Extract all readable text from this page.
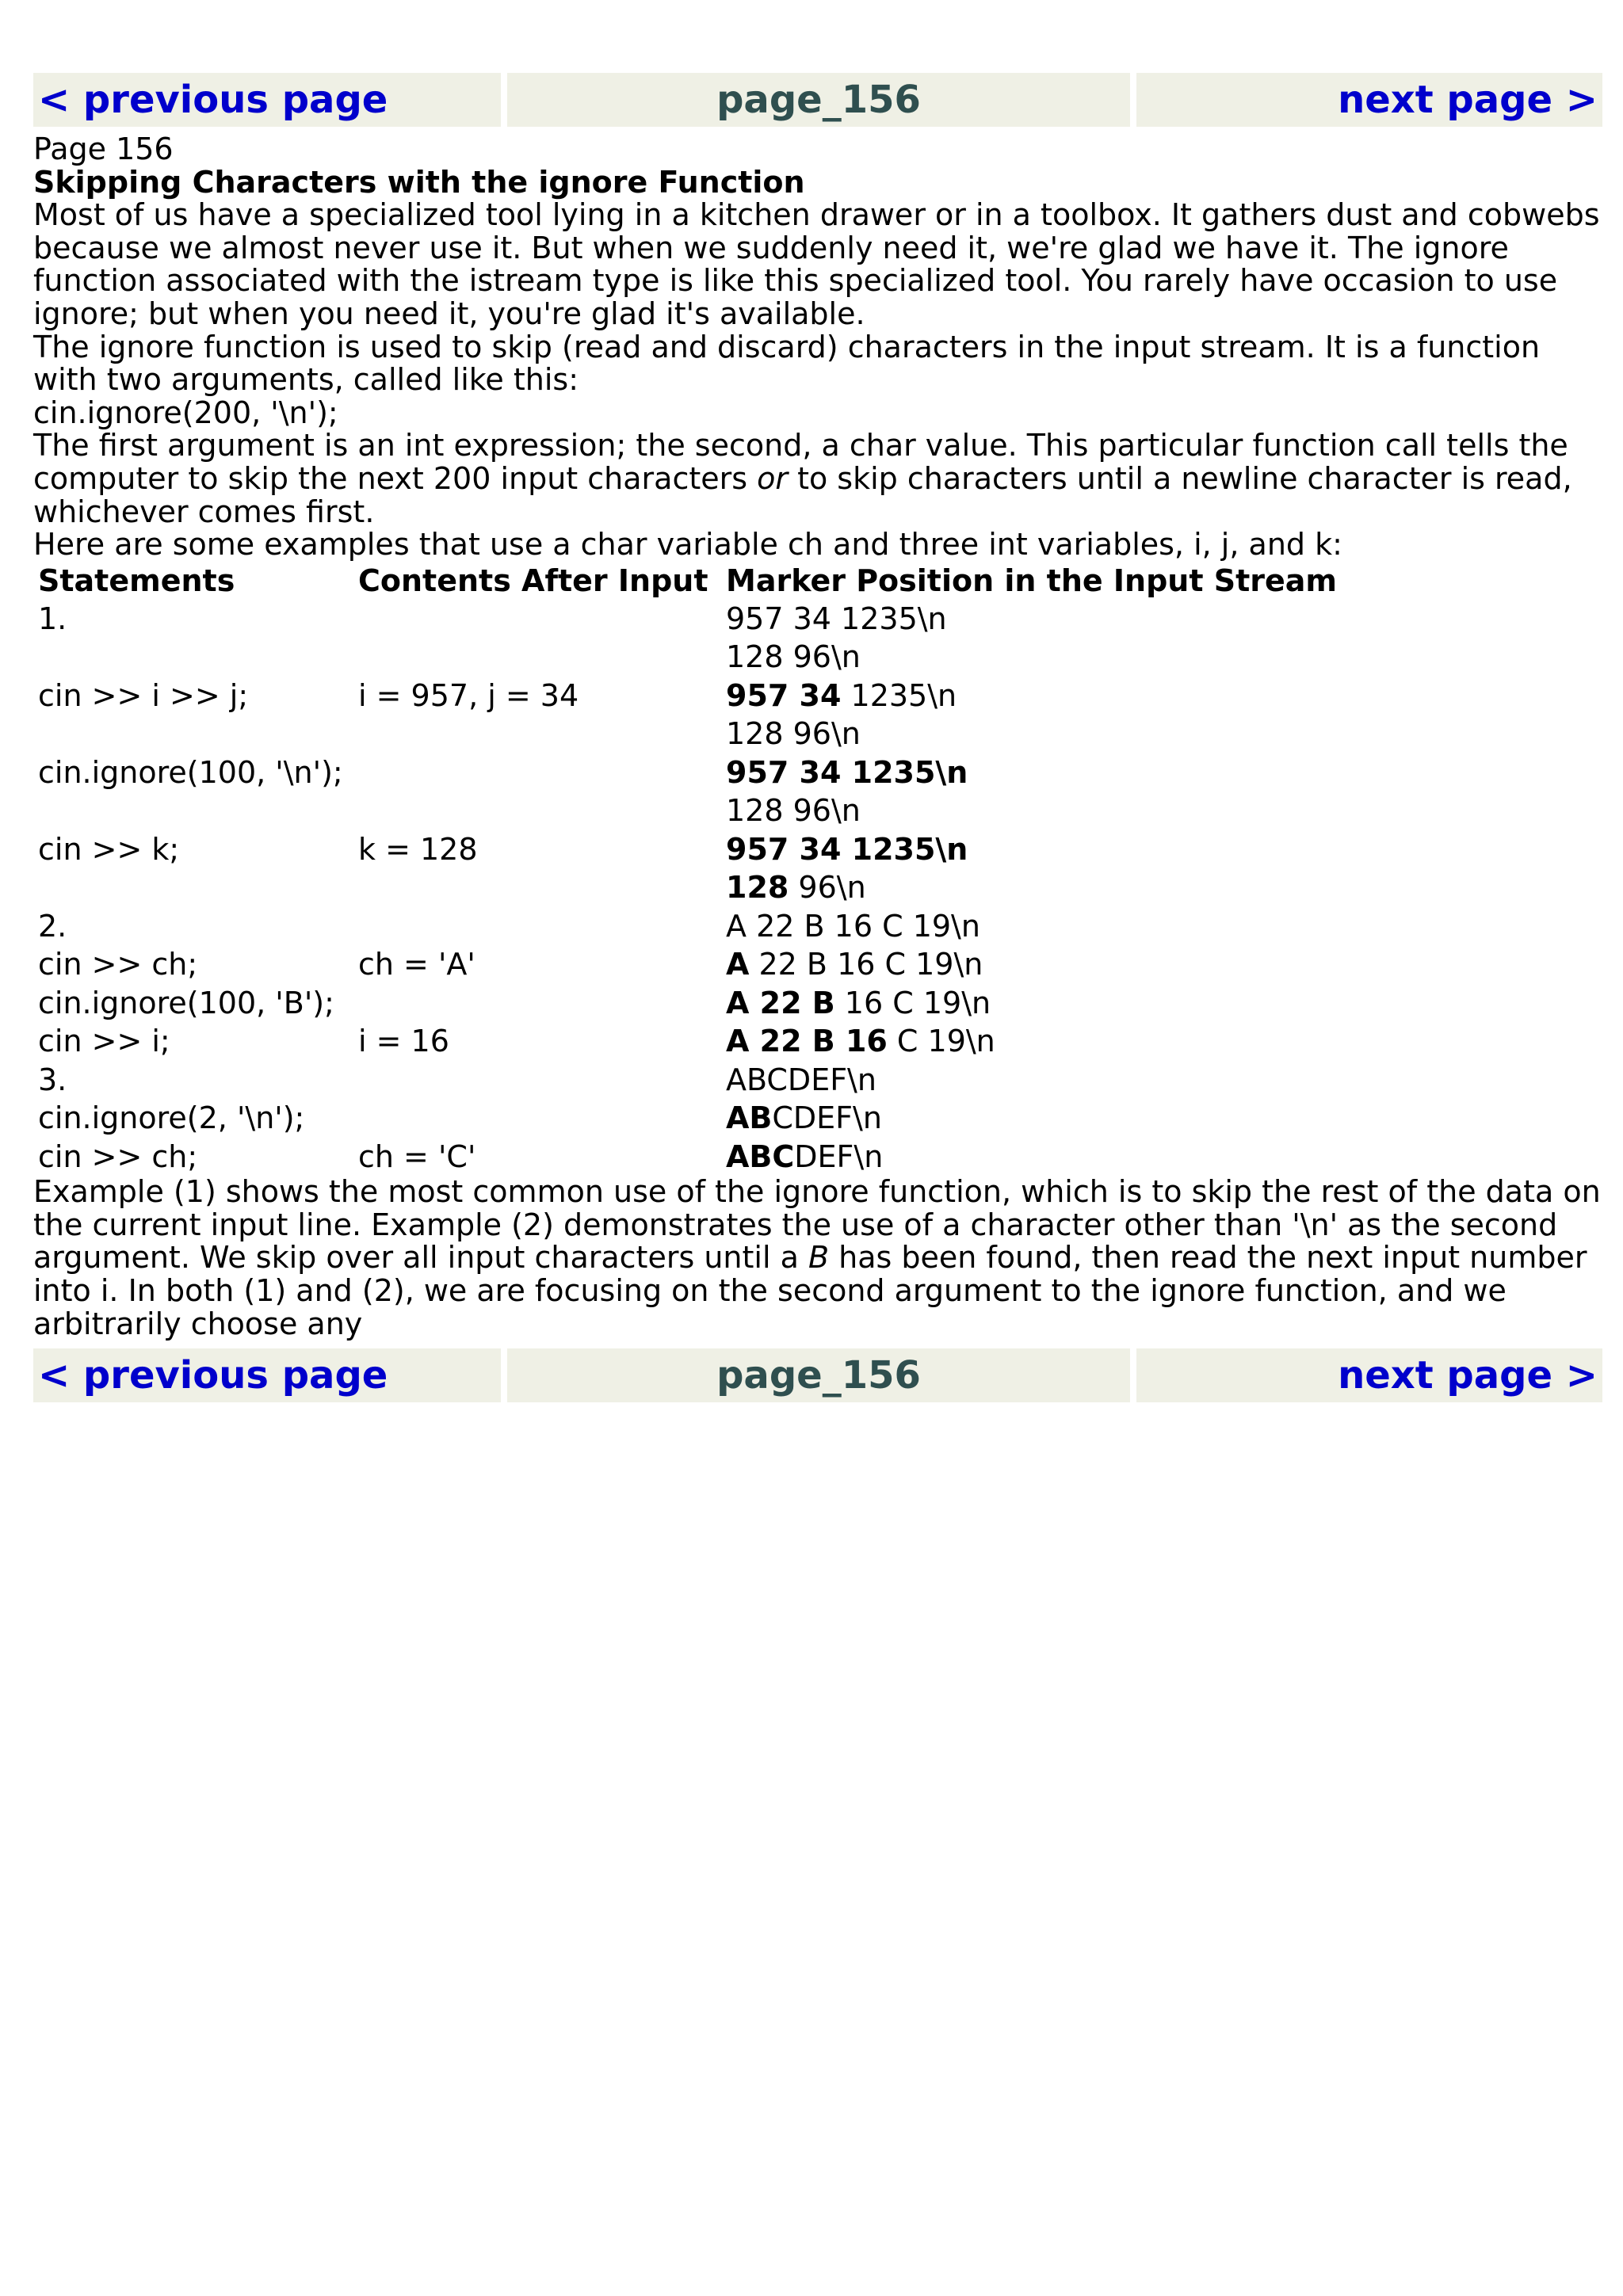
< previous page	page_156	next page >

Page 156

Skipping Characters with the ignore Function

Most of us have a specialized tool lying in a kitchen drawer or in a toolbox. It gathers dust and cobwebs because we almost never use it. But when we suddenly need it, we're glad we have it. The ignore function associated with the istream type is like this specialized tool. You rarely have occasion to use ignore; but when you need it, you're glad it's available.

The ignore function is used to skip (read and discard) characters in the input stream. It is a function with two arguments, called like this:

cin.ignore(200, '\n');

The first argument is an int expression; the second, a char value. This particular function call tells the computer to skip the next 200 input characters or to skip characters until a newline character is read, whichever comes first.

Here are some examples that use a char variable ch and three int variables, i, j, and k:

Statements	Contents After Input	Marker Position in the Input Stream
1.		957 34 1235\n
128 96\n

cin >> i >> j;	i = 957, j = 34	957 34 1235\n
128 96\n

cin.ignore(100, '\n');		957 34 1235\n
128 96\n

cin >> k;	k = 128	957 34 1235\n
128 96\n

2.		A 22 B 16 C 19\n
cin >> ch;	ch = 'A'	A 22 B 16 C 19\n
cin.ignore(100, 'B');		A 22 B 16 C 19\n
cin >> i;	i = 16	A 22 B 16 C 19\n
3.		ABCDEF\n
cin.ignore(2, '\n');		ABCDEF\n
cin >> ch;	ch = 'C'	ABCDEF\n

Example (1) shows the most common use of the ignore function, which is to skip the rest of the data on the current input line. Example (2) demonstrates the use of a character other than '\n' as the second argument. We skip over all input characters until a B has been found, then read the next input number into i. In both (1) and (2), we are focusing on the second argument to the ignore function, and we arbitrarily choose any

< previous page	page_156	next page >
